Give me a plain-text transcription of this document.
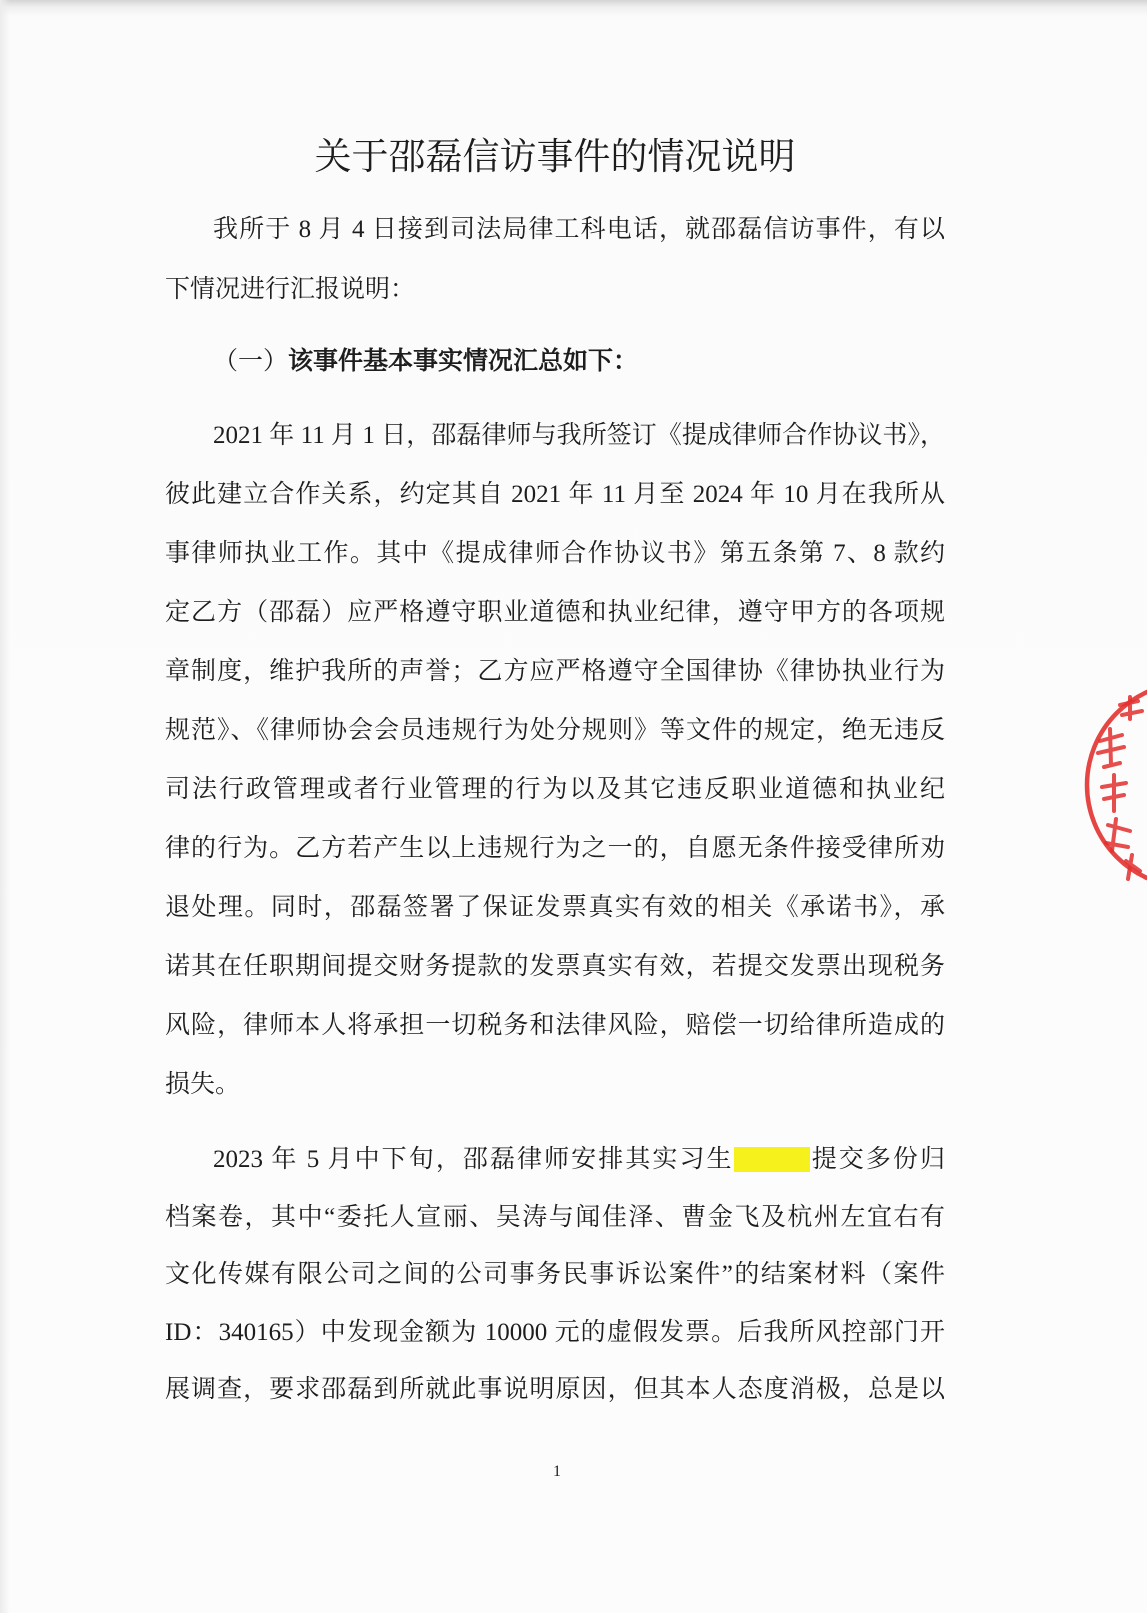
关于邵磊信访事件的情况说明
我所于 8 月 4 日接到司法局律工科电话，就邵磊信访事件，有以
下情况进行汇报说明：
（一）该事件基本事实情况汇总如下：
2021 年 11 月 1 日，邵磊律师与我所签订《提成律师合作协议书》，
彼此建立合作关系，约定其自 2021 年 11 月至 2024 年 10 月在我所从
事律师执业工作。其中《提成律师合作协议书》第五条第 7、8 款约
定乙方（邵磊）应严格遵守职业道德和执业纪律，遵守甲方的各项规
章制度，维护我所的声誉；乙方应严格遵守全国律协《律协执业行为
规范》、《律师协会会员违规行为处分规则》等文件的规定，绝无违反
司法行政管理或者行业管理的行为以及其它违反职业道德和执业纪
律的行为。乙方若产生以上违规行为之一的，自愿无条件接受律所劝
退处理。同时，邵磊签署了保证发票真实有效的相关《承诺书》，承
诺其在任职期间提交财务提款的发票真实有效，若提交发票出现税务
风险，律师本人将承担一切税务和法律风险，赔偿一切给律所造成的
损失。
2023 年 5 月中下旬，邵磊律师安排其实习生	提交多份归
档案卷，其中“委托人宣丽、吴涛与闻佳泽、曹金飞及杭州左宜右有
文化传媒有限公司之间的公司事务民事诉讼案件”的结案材料（案件
ID：340165）中发现金额为 10000 元的虚假发票。后我所风控部门开
展调查，要求邵磊到所就此事说明原因，但其本人态度消极，总是以
1
